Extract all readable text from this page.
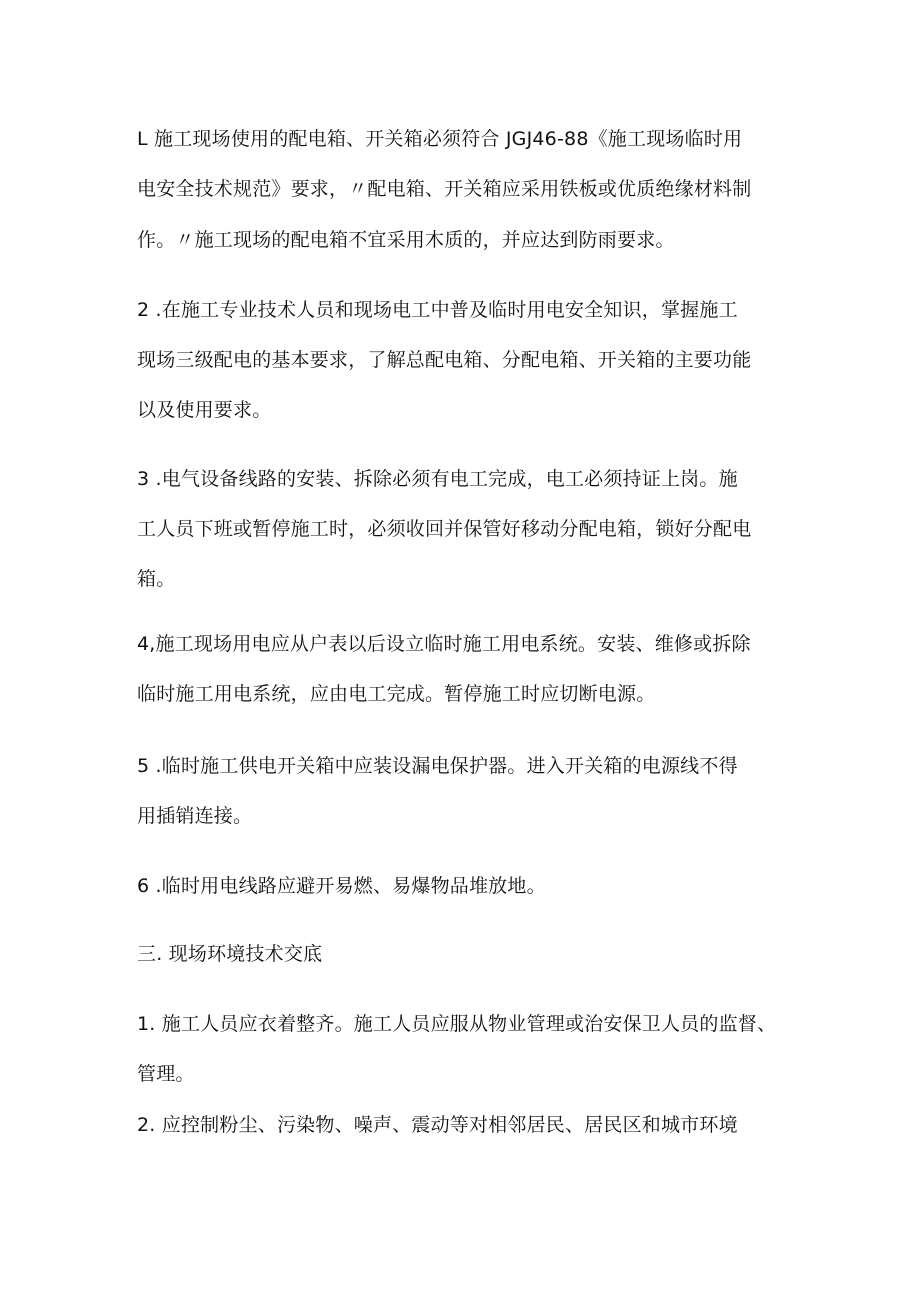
L 施工现场使用的配电箱、开关箱必须符合 JGJ46-88《施工现场临时用
电安全技术规范》要求，〃配电箱、开关箱应采用铁板或优质绝缘材料制
作。〃施工现场的配电箱不宜采用木质的，并应达到防雨要求。
2 .在施工专业技术人员和现场电工中普及临时用电安全知识，掌握施工
现场三级配电的基本要求，了解总配电箱、分配电箱、开关箱的主要功能
以及使用要求。
3 .电气设备线路的安装、拆除必须有电工完成，电工必须持证上岗。施
工人员下班或暂停施工时，必须收回并保管好移动分配电箱，锁好分配电
箱。
4,施工现场用电应从户表以后设立临时施工用电系统。安装、维修或拆除
临时施工用电系统，应由电工完成。暂停施工时应切断电源。
5 .临时施工供电开关箱中应装设漏电保护器。进入开关箱的电源线不得
用插销连接。
6 .临时用电线路应避开易燃、易爆物品堆放地。
三. 现场环境技术交底
1. 施工人员应衣着整齐。施工人员应服从物业管理或治安保卫人员的监督、
管理。
2. 应控制粉尘、污染物、噪声、震动等对相邻居民、居民区和城市环境
